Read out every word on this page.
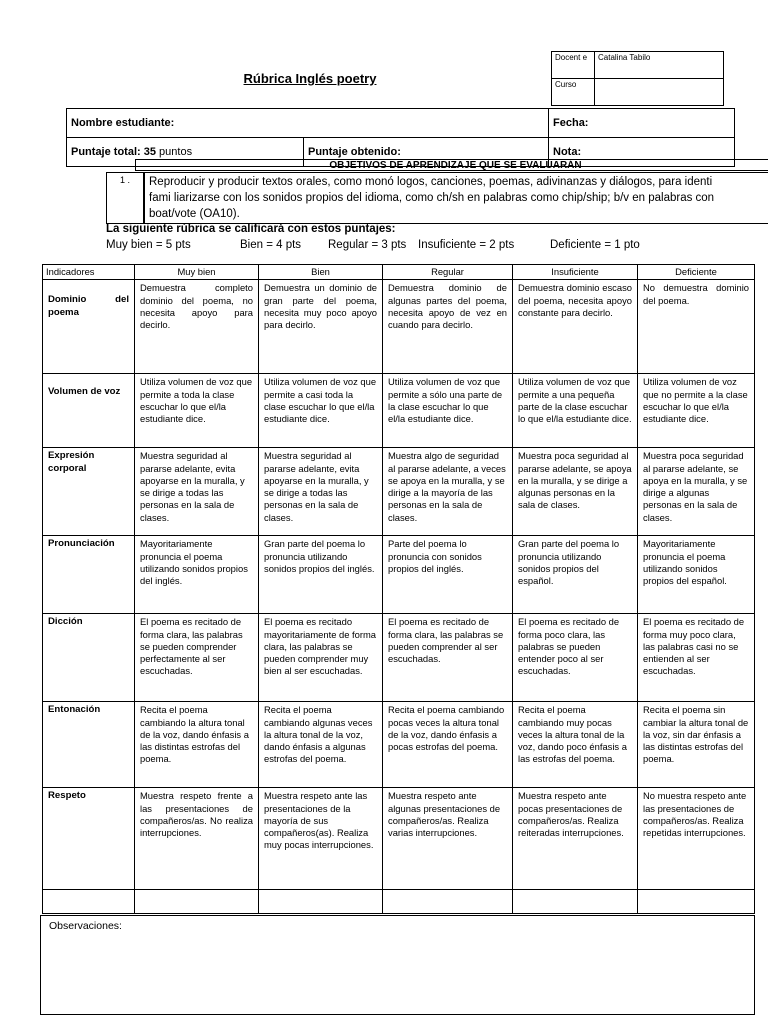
Docent e	Catalina Tabilo
Curso	
Rúbrica Inglés poetry
Nombre estudiante:		Fecha:
Puntaje total: 35 puntos	Puntaje obtenido:	Nota:
OBJETIVOS DE APRENDIZAJE QUE SE EVALUARÁN
1 .	Reproducir y producir textos orales, como monó logos, canciones, poemas, adivinanzas y diálogos, para identi
fami liarizarse con los sonidos propios del idioma, como ch/sh en palabras como chip/ship; b/v en palabras con
boat/vote (OA10).
La siguiente rúbrica se calificará con estos puntajes:
Muy bien = 5 pts	Bien = 4 pts Regular = 3 pts Insuficiente = 2 pts	Deficiente = 1 pto
Indicadores	Muy bien	Bien	Regular	Insuficiente	Deficiente
Dominio del poema	Demuestra completo dominio del poema, no necesita apoyo para decirlo.	Demuestra un dominio de gran parte del poema, necesita muy poco apoyo para decirlo.	Demuestra dominio de algunas partes del poema, necesita apoyo de vez en cuando para decirlo.	Demuestra dominio escaso del poema, necesita apoyo constante para decirlo.	No demuestra dominio del poema.
Volumen de voz	Utiliza volumen de voz que permite a toda la clase escuchar lo que el/la estudiante dice.	Utiliza volumen de voz que permite a casi toda la clase escuchar lo que el/la estudiante dice.	Utiliza volumen de voz que permite a sólo una parte de la clase escuchar lo que el/la estudiante dice.	Utiliza volumen de voz que permite a una pequeña parte de la clase escuchar lo que el/la estudiante dice.	Utiliza volumen de voz que no permite a la clase escuchar lo que el/la estudiante dice.
Expresión corporal	Muestra seguridad al pararse adelante, evita apoyarse en la muralla, y se dirige a todas las personas en la sala de clases.	Muestra seguridad al pararse adelante, evita apoyarse en la muralla, y se dirige a todas las personas en la sala de clases.	Muestra algo de seguridad al pararse adelante, a veces se apoya en la muralla, y se dirige a la mayoría de las personas en la sala de clases.	Muestra poca seguridad al pararse adelante, se apoya en la muralla, y se dirige a algunas personas en la sala de clases.	Muestra poca seguridad al pararse adelante, se apoya en la muralla, y se dirige a algunas personas en la sala de clases.
Pronunciación	Mayoritariamente pronuncia el poema utilizando sonidos propios del inglés.	Gran parte del poema lo pronuncia utilizando sonidos propios del inglés.	Parte del poema lo pronuncia con sonidos propios del inglés.	Gran parte del poema lo pronuncia utilizando sonidos propios del español.	Mayoritariamente pronuncia el poema utilizando sonidos propios del español.
Dicción	El poema es recitado de forma clara, las palabras se pueden comprender perfectamente al ser escuchadas.	El poema es recitado mayoritariamente de forma clara, las palabras se pueden comprender muy bien al ser escuchadas.	El poema es recitado de forma clara, las palabras se pueden comprender al ser escuchadas.	El poema es recitado de forma poco clara, las palabras se pueden entender poco al ser escuchadas.	El poema es recitado de forma muy poco clara, las palabras casi no se entienden al ser escuchadas.
Entonación	Recita el poema cambiando la altura tonal de la voz, dando énfasis a las distintas estrofas del poema.	Recita el poema cambiando algunas veces la altura tonal de la voz, dando énfasis a algunas estrofas del poema.	Recita el poema cambiando pocas veces la altura tonal de la voz, dando énfasis a pocas estrofas del poema.	Recita el poema cambiando muy pocas veces la altura tonal de la voz, dando poco énfasis a las estrofas del poema.	Recita el poema sin cambiar la altura tonal de la voz, sin dar énfasis a las distintas estrofas del poema.
Respeto	Muestra respeto frente a las presentaciones de compañeros/as. No realiza interrupciones.	Muestra respeto ante las presentaciones de la mayoría de sus compañeros(as). Realiza muy pocas interrupciones.	Muestra respeto ante algunas presentaciones de compañeros/as. Realiza varias interrupciones.	Muestra respeto ante pocas presentaciones de compañeros/as. Realiza reiteradas interrupciones.	No muestra respeto ante las presentaciones de compañeros/as. Realiza repetidas interrupciones.

Observaciones:
